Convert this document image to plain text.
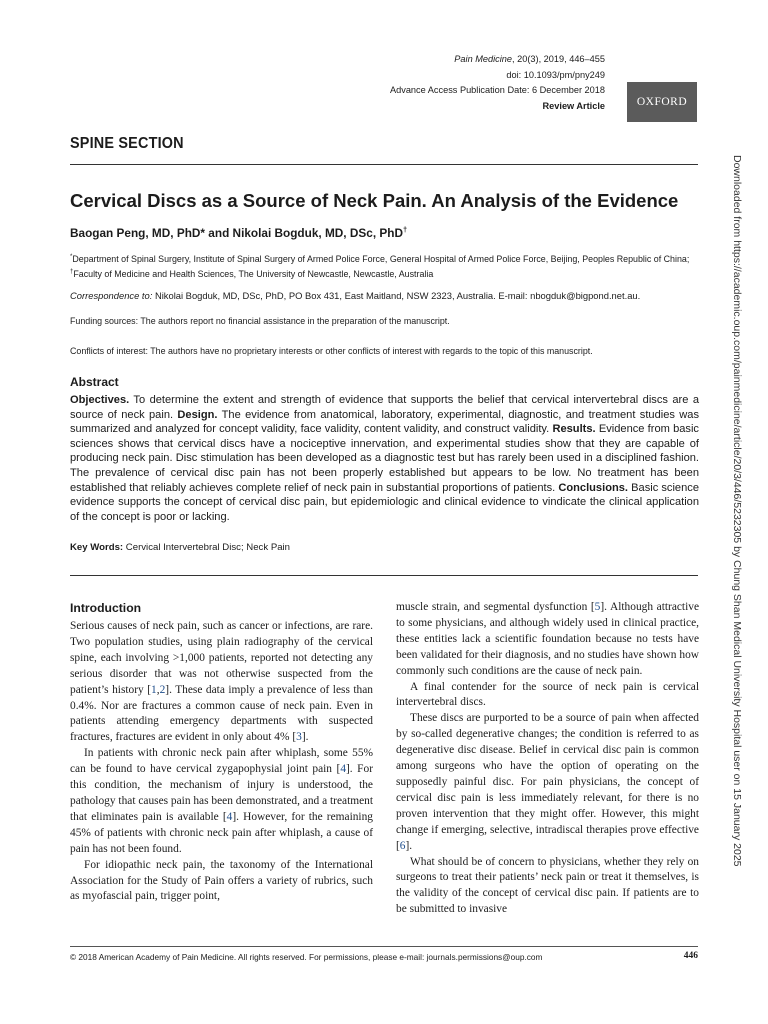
Pain Medicine, 20(3), 2019, 446–455
doi: 10.1093/pm/pny249
Advance Access Publication Date: 6 December 2018
Review Article	OXFORD
SPINE SECTION
Cervical Discs as a Source of Neck Pain. An Analysis of the Evidence
Baogan Peng, MD, PhD* and Nikolai Bogduk, MD, DSc, PhD†
*Department of Spinal Surgery, Institute of Spinal Surgery of Armed Police Force, General Hospital of Armed Police Force, Beijing, Peoples Republic of China; †Faculty of Medicine and Health Sciences, The University of Newcastle, Newcastle, Australia
Correspondence to: Nikolai Bogduk, MD, DSc, PhD, PO Box 431, East Maitland, NSW 2323, Australia. E-mail: nbogduk@bigpond.net.au.
Funding sources: The authors report no financial assistance in the preparation of the manuscript.
Conflicts of interest: The authors have no proprietary interests or other conflicts of interest with regards to the topic of this manuscript.
Abstract
Objectives. To determine the extent and strength of evidence that supports the belief that cervical intervertebral discs are a source of neck pain. Design. The evidence from anatomical, laboratory, experimental, diagnostic, and treatment studies was summarized and analyzed for concept validity, face validity, content validity, and construct validity. Results. Evidence from basic sciences shows that cervical discs have a nociceptive innervation, and experimental studies show that they are capable of producing neck pain. Disc stimulation has been developed as a diagnostic test but has rarely been used in a disciplined fashion. The prevalence of cervical disc pain has not been properly established but appears to be low. No treatment has been established that reliably achieves complete relief of neck pain in substantial proportions of patients. Conclusions. Basic science evidence supports the concept of cervical disc pain, but epidemiologic and clinical evidence to vindicate the clinical application of the concept is poor or lacking.
Key Words: Cervical Intervertebral Disc; Neck Pain
Introduction

Serious causes of neck pain, such as cancer or infections, are rare. Two population studies, using plain radiography of the cervical spine, each involving >1,000 patients, reported not detecting any serious disorder that was not otherwise suspected from the patient’s history [1,2]. These data imply a prevalence of less than 0.4%. Nor are fractures a common cause of neck pain. Even in patients attending emergency departments with suspected fractures, fractures are evident in only about 4% [3].

In patients with chronic neck pain after whiplash, some 55% can be found to have cervical zygapophysial joint pain [4]. For this condition, the mechanism of injury is understood, the pathology that causes pain has been demonstrated, and a treatment that eliminates pain is available [4]. However, for the remaining 45% of patients with chronic neck pain after whiplash, a cause of pain has not been found.

For idiopathic neck pain, the taxonomy of the International Association for the Study of Pain offers a variety of rubrics, such as myofascial pain, trigger point,

muscle strain, and segmental dysfunction [5]. Although attractive to some physicians, and although widely used in clinical practice, these entities lack a scientific foundation because no tests have been validated for their diagnosis, and no studies have shown how commonly such conditions are the cause of neck pain.

A final contender for the source of neck pain is cervical intervertebral discs.

These discs are purported to be a source of pain when affected by so-called degenerative changes; the condition is referred to as degenerative disc disease. Belief in cervical disc pain is common among surgeons who have the option of operating on the supposedly painful disc. For pain physicians, the concept of cervical disc pain is less immediately relevant, for there is no proven intervention that they might offer. However, this might change if emerging, selective, intradiscal therapies prove effective [6].

What should be of concern to physicians, whether they rely on surgeons to treat their patients’ neck pain or treat it themselves, is the validity of the concept of cervical disc pain. If patients are to be submitted to invasive

© 2018 American Academy of Pain Medicine. All rights reserved. For permissions, please e-mail: journals.permissions@oup.com	446
Downloaded from https://academic.oup.com/painmedicine/article/20/3/446/5232305 by Chung Shan Medical University Hospital user on 15 January 2025
